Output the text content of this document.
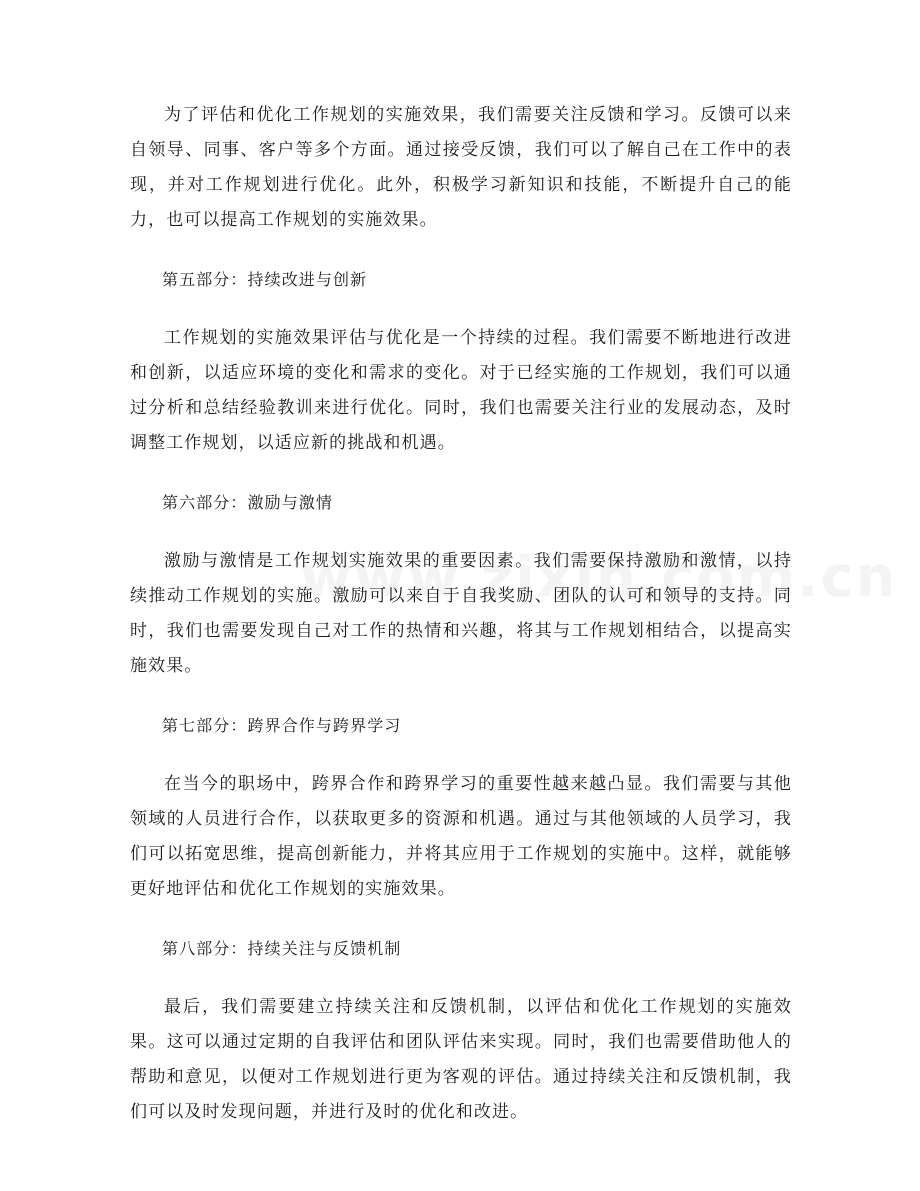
为了评估和优化工作规划的实施效果，我们需要关注反馈和学习。反馈可以来自领导、同事、客户等多个方面。通过接受反馈，我们可以了解自己在工作中的表现，并对工作规划进行优化。此外，积极学习新知识和技能，不断提升自己的能力，也可以提高工作规划的实施效果。

第五部分：持续改进与创新

工作规划的实施效果评估与优化是一个持续的过程。我们需要不断地进行改进和创新，以适应环境的变化和需求的变化。对于已经实施的工作规划，我们可以通过分析和总结经验教训来进行优化。同时，我们也需要关注行业的发展动态，及时调整工作规划，以适应新的挑战和机遇。

第六部分：激励与激情

激励与激情是工作规划实施效果的重要因素。我们需要保持激励和激情，以持续推动工作规划的实施。激励可以来自于自我奖励、团队的认可和领导的支持。同时，我们也需要发现自己对工作的热情和兴趣，将其与工作规划相结合，以提高实施效果。

第七部分：跨界合作与跨界学习

在当今的职场中，跨界合作和跨界学习的重要性越来越凸显。我们需要与其他领域的人员进行合作，以获取更多的资源和机遇。通过与其他领域的人员学习，我们可以拓宽思维，提高创新能力，并将其应用于工作规划的实施中。这样，就能够更好地评估和优化工作规划的实施效果。

第八部分：持续关注与反馈机制

最后，我们需要建立持续关注和反馈机制，以评估和优化工作规划的实施效果。这可以通过定期的自我评估和团队评估来实现。同时，我们也需要借助他人的帮助和意见，以便对工作规划进行更为客观的评估。通过持续关注和反馈机制，我们可以及时发现问题，并进行及时的优化和改进。
